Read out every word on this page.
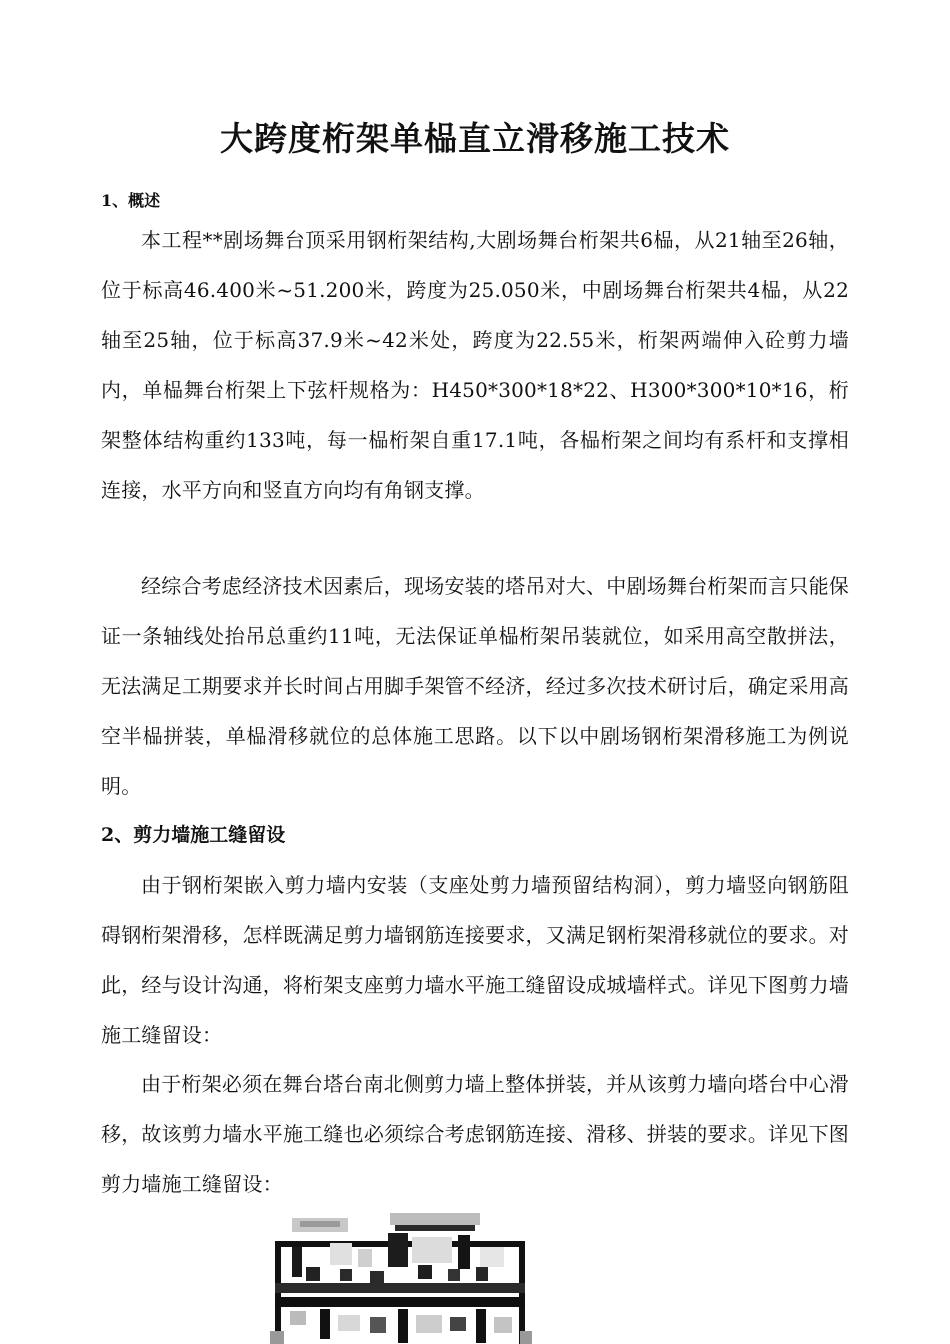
大跨度桁架单榀直立滑移施工技术
1、概述

本工程**剧场舞台顶采用钢桁架结构,大剧场舞台桁架共6榀，从21轴至26轴，位于标高46.400米~51.200米，跨度为25.050米，中剧场舞台桁架共4榀，从22轴至25轴，位于标高37.9米~42米处，跨度为22.55米，桁架两端伸入砼剪力墙内，单榀舞台桁架上下弦杆规格为：H450*300*18*22、H300*300*10*16，桁架整体结构重约133吨，每一榀桁架自重17.1吨，各榀桁架之间均有系杆和支撑相连接，水平方向和竖直方向均有角钢支撑。

经综合考虑经济技术因素后，现场安装的塔吊对大、中剧场舞台桁架而言只能保证一条轴线处抬吊总重约11吨，无法保证单榀桁架吊装就位，如采用高空散拼法，无法满足工期要求并长时间占用脚手架管不经济，经过多次技术研讨后，确定采用高空半榀拼装，单榀滑移就位的总体施工思路。以下以中剧场钢桁架滑移施工为例说明。

2、剪力墙施工缝留设

由于钢桁架嵌入剪力墙内安装（支座处剪力墙预留结构洞），剪力墙竖向钢筋阻碍钢桁架滑移，怎样既满足剪力墙钢筋连接要求，又满足钢桁架滑移就位的要求。对此，经与设计沟通，将桁架支座剪力墙水平施工缝留设成城墙样式。详见下图剪力墙施工缝留设：

由于桁架必须在舞台塔台南北侧剪力墙上整体拼装，并从该剪力墙向塔台中心滑移，故该剪力墙水平施工缝也必须综合考虑钢筋连接、滑移、拼装的要求。详见下图剪力墙施工缝留设：
